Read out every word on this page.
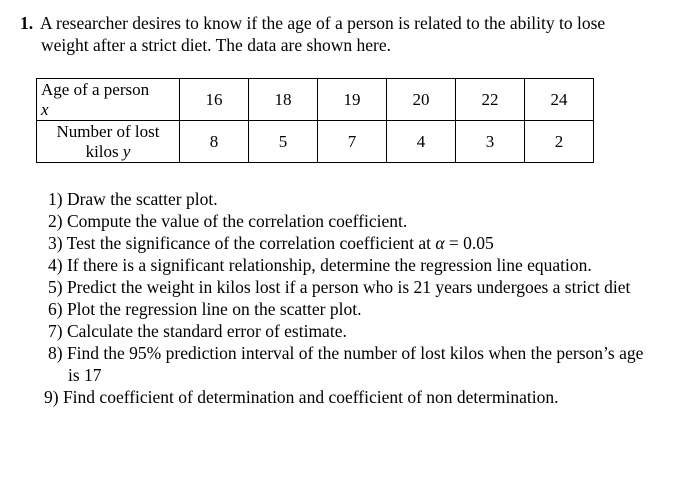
1. A researcher desires to know if the age of a person is related to the ability to lose
weight after a strict diet. The data are shown here.
Age of a person
x	16	18	19	20	22	24
Number of lost
kilos y	8	5	7	4	3	2
1) Draw the scatter plot.
2) Compute the value of the correlation coefficient.
3) Test the significance of the correlation coefficient at α = 0.05
4) If there is a significant relationship, determine the regression line equation.
5) Predict the weight in kilos lost if a person who is 21 years undergoes a strict diet
6) Plot the regression line on the scatter plot.
7) Calculate the standard error of estimate.
8) Find the 95% prediction interval of the number of lost kilos when the person’s age
is 17
9) Find coefficient of determination and coefficient of non determination.
